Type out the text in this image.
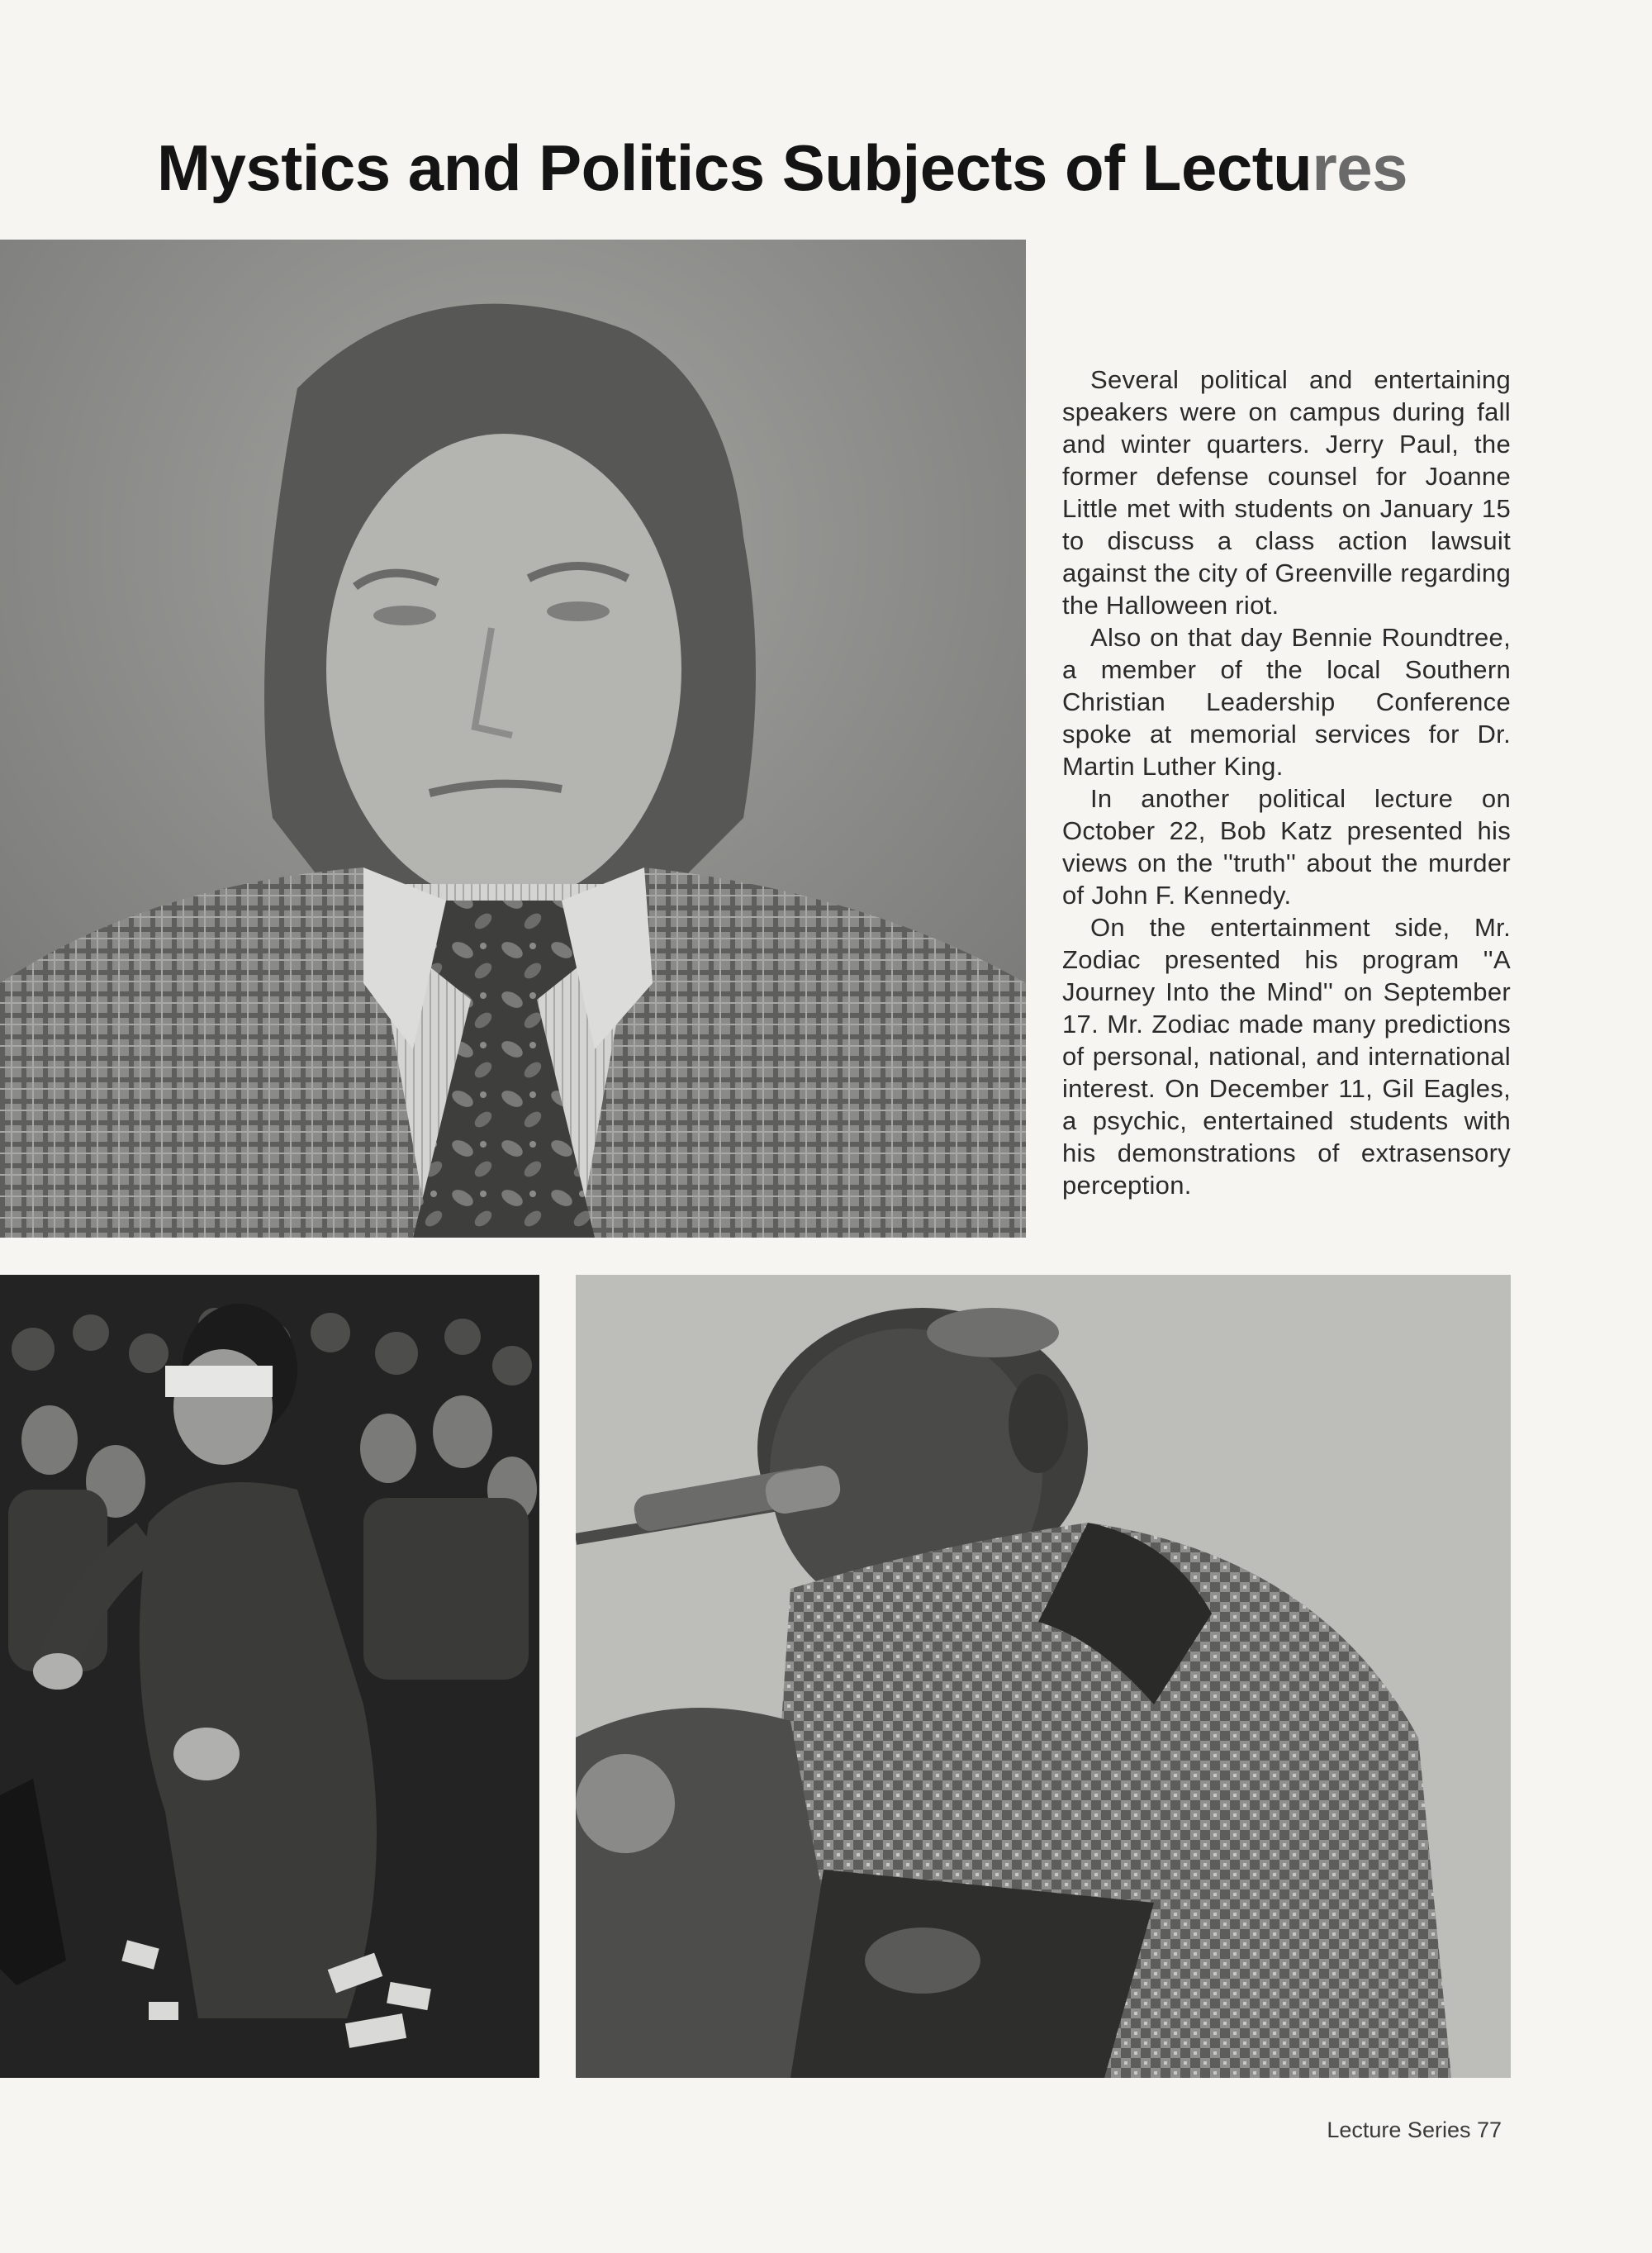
Mystics and Politics Subjects of Lectures

Several political and entertaining speakers were on campus during fall and winter quarters. Jerry Paul, the former defense counsel for Joanne Little met with students on January 15 to discuss a class action lawsuit against the city of Greenville regarding the Halloween riot.

Also on that day Bennie Roundtree, a member of the local Southern Christian Leadership Conference spoke at memorial services for Dr. Martin Luther King.

In another political lecture on October 22, Bob Katz presented his views on the ''truth'' about the murder of John F. Kennedy.

On the entertainment side, Mr. Zodiac presented his program ''A Journey Into the Mind'' on September 17. Mr. Zodiac made many predictions of personal, national, and international interest. On December 11, Gil Eagles, a psychic, entertained students with his demonstrations of extrasensory perception.

Lecture Series 77
